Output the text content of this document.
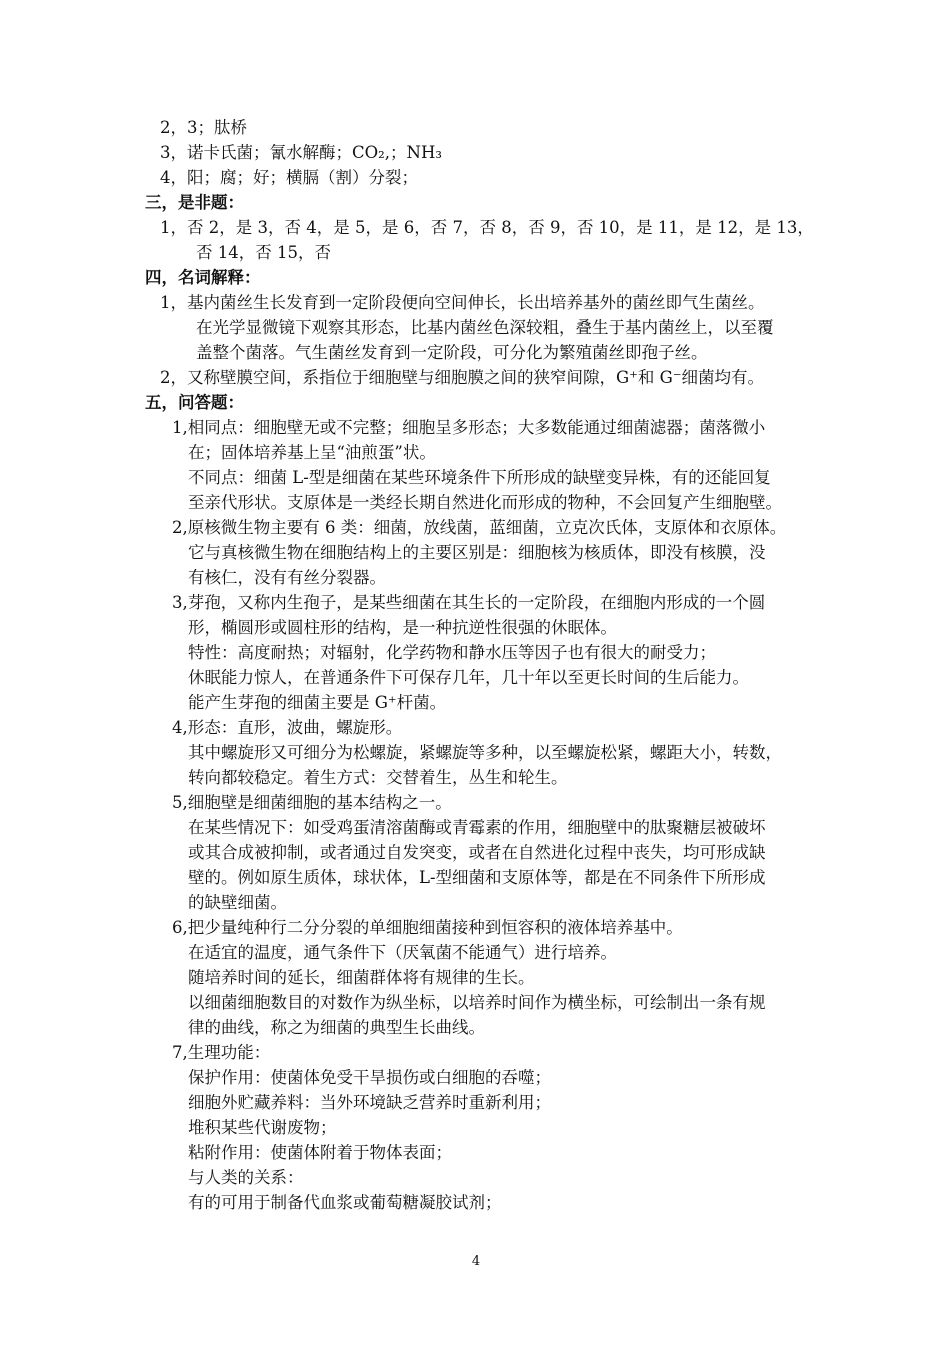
2，3；肽桥
3，诺卡氏菌；氰水解酶；CO₂,；NH₃
4，阳；腐；好；横膈（割）分裂；
三，是非题：
1，否 2，是 3，否 4，是 5，是 6，否 7，否 8，否 9，否 10，是 11，是 12，是 13，
否 14，否 15，否
四，名词解释：
1，基内菌丝生长发育到一定阶段便向空间伸长，长出培养基外的菌丝即气生菌丝。
在光学显微镜下观察其形态，比基内菌丝色深较粗，叠生于基内菌丝上，以至覆
盖整个菌落。气生菌丝发育到一定阶段，可分化为繁殖菌丝即孢子丝。
2，又称壁膜空间，系指位于细胞壁与细胞膜之间的狭窄间隙，G⁺和 G⁻细菌均有。
五，问答题：
1,相同点：细胞壁无或不完整；细胞呈多形态；大多数能通过细菌滤器；菌落微小
在；固体培养基上呈“油煎蛋”状。
不同点：细菌 L-型是细菌在某些环境条件下所形成的缺壁变异株，有的还能回复
至亲代形状。支原体是一类经长期自然进化而形成的物种，不会回复产生细胞壁。
2,原核微生物主要有 6 类：细菌，放线菌，蓝细菌，立克次氏体，支原体和衣原体。
它与真核微生物在细胞结构上的主要区别是：细胞核为核质体，即没有核膜，没
有核仁，没有有丝分裂器。
3,芽孢，又称内生孢子，是某些细菌在其生长的一定阶段，在细胞内形成的一个圆
形，椭圆形或圆柱形的结构，是一种抗逆性很强的休眠体。
特性：高度耐热；对辐射，化学药物和静水压等因子也有很大的耐受力；
休眠能力惊人，在普通条件下可保存几年，几十年以至更长时间的生后能力。
能产生芽孢的细菌主要是 G⁺杆菌。
4,形态：直形，波曲，螺旋形。
其中螺旋形又可细分为松螺旋，紧螺旋等多种，以至螺旋松紧，螺距大小，转数，
转向都较稳定。着生方式：交替着生，丛生和轮生。
5,细胞壁是细菌细胞的基本结构之一。
在某些情况下：如受鸡蛋清溶菌酶或青霉素的作用，细胞壁中的肽聚糖层被破坏
或其合成被抑制，或者通过自发突变，或者在自然进化过程中丧失，均可形成缺
壁的。例如原生质体，球状体，L-型细菌和支原体等，都是在不同条件下所形成
的缺壁细菌。
6,把少量纯种行二分分裂的单细胞细菌接种到恒容积的液体培养基中。
在适宜的温度，通气条件下（厌氧菌不能通气）进行培养。
随培养时间的延长，细菌群体将有规律的生长。
以细菌细胞数目的对数作为纵坐标，以培养时间作为横坐标，可绘制出一条有规
律的曲线，称之为细菌的典型生长曲线。
7,生理功能：
保护作用：使菌体免受干旱损伤或白细胞的吞噬；
细胞外贮藏养料：当外环境缺乏营养时重新利用；
堆积某些代谢废物；
粘附作用：使菌体附着于物体表面；
与人类的关系：
有的可用于制备代血浆或葡萄糖凝胶试剂；
4
